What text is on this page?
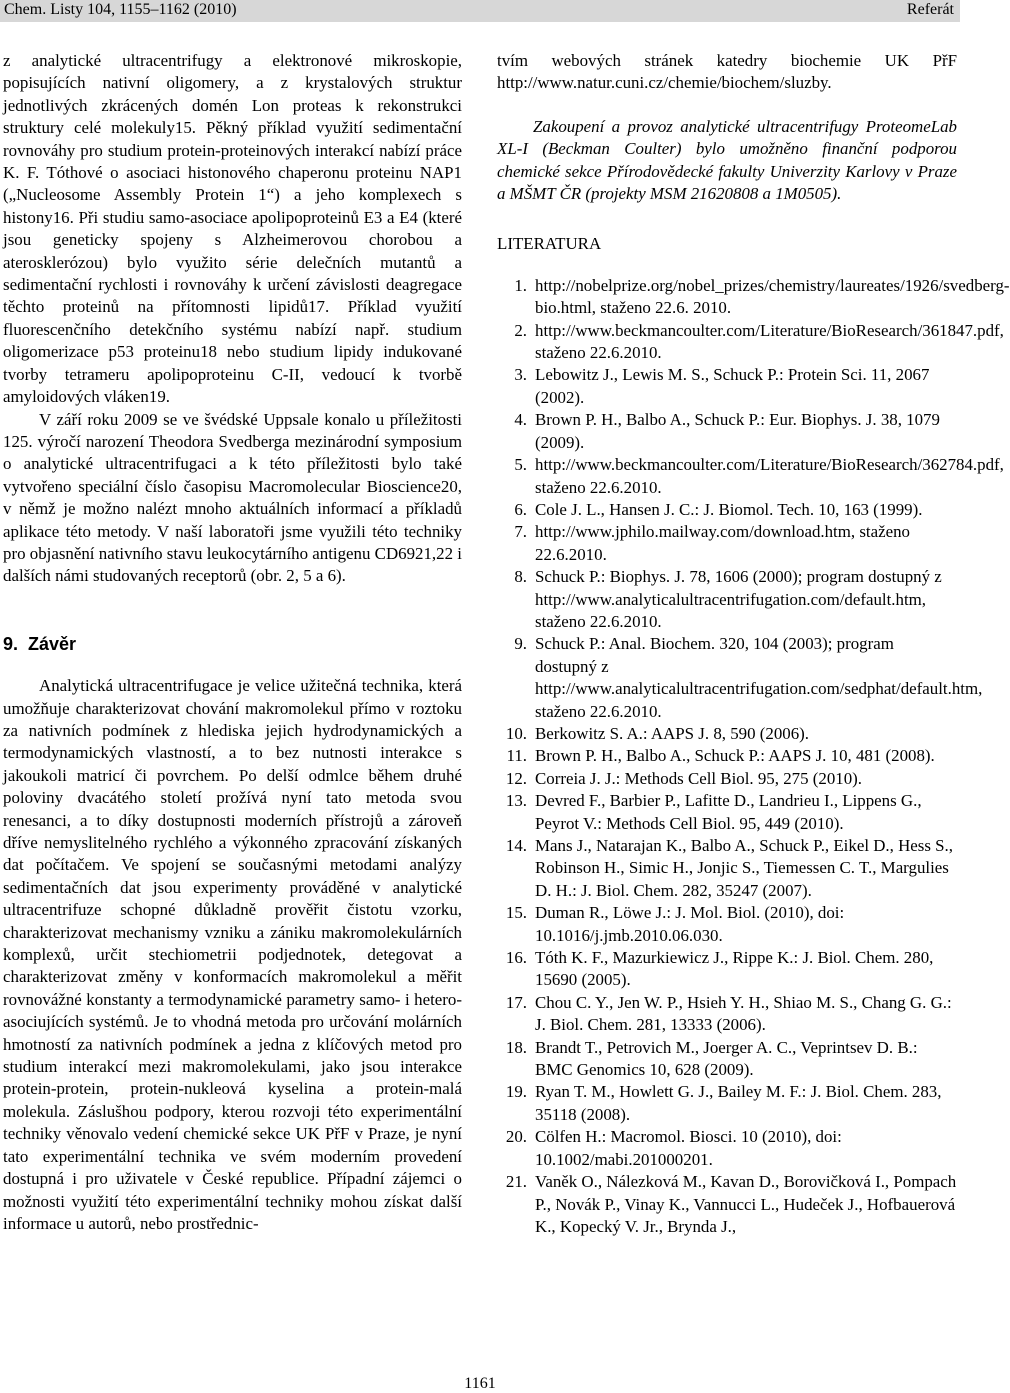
Chem. Listy 104, 1155–1162 (2010)	Referát

z analytické ultracentrifugy a elektronové mikroskopie, popisujících nativní oligomery, a z krystalových struktur jednotlivých zkrácených domén Lon proteas k rekonstrukci struktury celé molekuly15. Pěkný příklad využití sedimentační rovnováhy pro studium protein-proteinových interakcí nabízí práce K. F. Tóthové o asociaci histonového chaperonu proteinu NAP1 („Nucleosome Assembly Protein 1“) a jeho komplexech s histony16. Při studiu samo-asociace apolipoproteinů E3 a E4 (které jsou geneticky spojeny s Alzheimerovou chorobou a aterosklerózou) bylo využito série delečních mutantů a sedimentační rychlosti i rovnováhy k určení závislosti deagregace těchto proteinů na přítomnosti lipidů17. Příklad využití fluorescenčního detekčního systému nabízí např. studium oligomerizace p53 proteinu18 nebo studium lipidy indukované tvorby tetrameru apolipoproteinu C-II, vedoucí k tvorbě amyloidových vláken19.

V září roku 2009 se ve švédské Uppsale konalo u příležitosti 125. výročí narození Theodora Svedberga mezinárodní symposium o analytické ultracentrifugaci a k této příležitosti bylo také vytvořeno speciální číslo časopisu Macromolecular Bioscience20, v němž je možno nalézt mnoho aktuálních informací a příkladů aplikace této metody. V naší laboratoři jsme využili této techniky pro objasnění nativního stavu leukocytárního antigenu CD6921,22 i dalších námi studovaných receptorů (obr. 2, 5 a 6).

9. Závěr

Analytická ultracentrifugace je velice užitečná technika, která umožňuje charakterizovat chování makromolekul přímo v roztoku za nativních podmínek z hlediska jejich hydrodynamických a termodynamických vlastností, a to bez nutnosti interakce s jakoukoli matricí či povrchem. Po delší odmlce během druhé poloviny dvacátého století prožívá nyní tato metoda svou renesanci, a to díky dostupnosti moderních přístrojů a zároveň dříve nemyslitelného rychlého a výkonného zpracování získaných dat počítačem. Ve spojení se současnými metodami analýzy sedimentačních dat jsou experimenty prováděné v analytické ultracentrifuze schopné důkladně prověřit čistotu vzorku, charakterizovat mechanismy vzniku a zániku makromolekulárních komplexů, určit stechiometrii podjednotek, detegovat a charakterizovat změny v konformacích makromolekul a měřit rovnovážné konstanty a termodynamické parametry samo- i hetero-asociujících systémů. Je to vhodná metoda pro určování molárních hmotností za nativních podmínek a jedna z klíčových metod pro studium interakcí mezi makromolekulami, jako jsou interakce protein-protein, protein-nukleová kyselina a protein-malá molekula. Záslušhou podpory, kterou rozvoji této experimentální techniky věnovalo vedení chemické sekce UK PřF v Praze, je nyní tato experimentální technika ve svém moderním provedení dostupná i pro uživatele v České republice. Případní zájemci o možnosti využití této experimentální techniky mohou získat další informace u autorů, nebo prostřednic-

tvím webových stránek katedry biochemie UK PřF http://www.natur.cuni.cz/chemie/biochem/sluzby.

Zakoupení a provoz analytické ultracentrifugy ProteomeLab XL-I (Beckman Coulter) bylo umožněno finanční podporou chemické sekce Přírodovědecké fakulty Univerzity Karlovy v Praze a MŠMT ČR (projekty MSM 21620808 a 1M0505).

LITERATURA
1. http://nobelprize.org/nobel_prizes/chemistry/laureates/1926/svedberg-bio.html, staženo 22.6. 2010.
2. http://www.beckmancoulter.com/Literature/BioResearch/361847.pdf, staženo 22.6.2010.
3. Lebowitz J., Lewis M. S., Schuck P.: Protein Sci. 11, 2067 (2002).
4. Brown P. H., Balbo A., Schuck P.: Eur. Biophys. J. 38, 1079 (2009).
5. http://www.beckmancoulter.com/Literature/BioResearch/362784.pdf, staženo 22.6.2010.
6. Cole J. L., Hansen J. C.: J. Biomol. Tech. 10, 163 (1999).
7. http://www.jphilo.mailway.com/download.htm, staženo 22.6.2010.
8. Schuck P.: Biophys. J. 78, 1606 (2000); program dostupný z http://www.analyticalultracentrifugation.com/default.htm, staženo 22.6.2010.
9. Schuck P.: Anal. Biochem. 320, 104 (2003); program dostupný z http://www.analyticalultracentrifugation.com/sedphat/default.htm, staženo 22.6.2010.
10. Berkowitz S. A.: AAPS J. 8, 590 (2006).
11. Brown P. H., Balbo A., Schuck P.: AAPS J. 10, 481 (2008).
12. Correia J. J.: Methods Cell Biol. 95, 275 (2010).
13. Devred F., Barbier P., Lafitte D., Landrieu I., Lippens G., Peyrot V.: Methods Cell Biol. 95, 449 (2010).
14. Mans J., Natarajan K., Balbo A., Schuck P., Eikel D., Hess S., Robinson H., Simic H., Jonjic S., Tiemessen C. T., Margulies D. H.: J. Biol. Chem. 282, 35247 (2007).
15. Duman R., Löwe J.: J. Mol. Biol. (2010), doi: 10.1016/j.jmb.2010.06.030.
16. Tóth K. F., Mazurkiewicz J., Rippe K.: J. Biol. Chem. 280, 15690 (2005).
17. Chou C. Y., Jen W. P., Hsieh Y. H., Shiao M. S., Chang G. G.: J. Biol. Chem. 281, 13333 (2006).
18. Brandt T., Petrovich M., Joerger A. C., Veprintsev D. B.: BMC Genomics 10, 628 (2009).
19. Ryan T. M., Howlett G. J., Bailey M. F.: J. Biol. Chem. 283, 35118 (2008).
20. Cölfen H.: Macromol. Biosci. 10 (2010), doi: 10.1002/mabi.201000201.
21. Vaněk O., Nálezková M., Kavan D., Borovičková I., Pompach P., Novák P., Vinay K., Vannucci L., Hudeček J., Hofbauerová K., Kopecký V. Jr., Brynda J.,
1161
